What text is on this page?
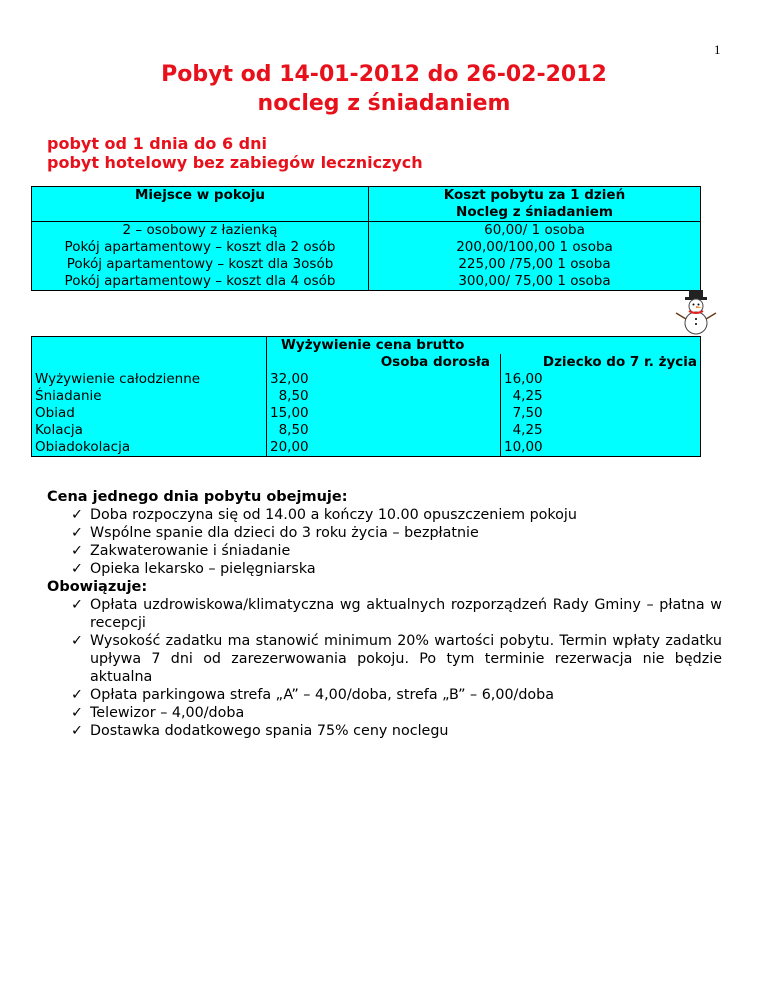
1
Pobyt od 14-01-2012 do 26-02-2012
nocleg z śniadaniem
pobyt od 1 dnia do 6 dni
pobyt hotelowy bez zabiegów leczniczych
Miejsce w pokoju	Koszt pobytu za 1 dzień
Nocleg z śniadaniem

2 – osobowy z łazienką	60,00/ 1 osoba
Pokój apartamentowy – koszt dla 2 osób	200,00/100,00 1 osoba
Pokój apartamentowy – koszt dla 3osób	225,00 /75,00 1 osoba
Pokój apartamentowy – koszt dla 4 osób	300,00/ 75,00 1 osoba
	Wyżywienie cena brutto	
	Osoba dorosła	Dziecko do 7 r. życia
Wyżywienie całodzienne	32,00	16,00
Śniadanie	8,50	4,25
Obiad	15,00	7,50
Kolacja	8,50	4,25
Obiadokolacja	20,00	10,00
Cena jednego dnia pobytu obejmuje:
✓ Doba rozpoczyna się od 14.00 a kończy 10.00 opuszczeniem pokoju
✓ Wspólne spanie dla dzieci do 3 roku życia – bezpłatnie
✓ Zakwaterowanie i śniadanie
✓ Opieka lekarsko – pielęgniarska
Obowiązuje:
✓ Opłata uzdrowiskowa/klimatyczna wg aktualnych rozporządzeń Rady Gminy – płatna w recepcji
✓ Wysokość zadatku ma stanowić minimum 20% wartości pobytu. Termin wpłaty zadatku upływa 7 dni od zarezerwowania pokoju. Po tym terminie rezerwacja nie będzie aktualna
✓ Opłata parkingowa strefa „A” – 4,00/doba, strefa „B” – 6,00/doba
✓ Telewizor – 4,00/doba
✓ Dostawka dodatkowego spania 75% ceny noclegu
